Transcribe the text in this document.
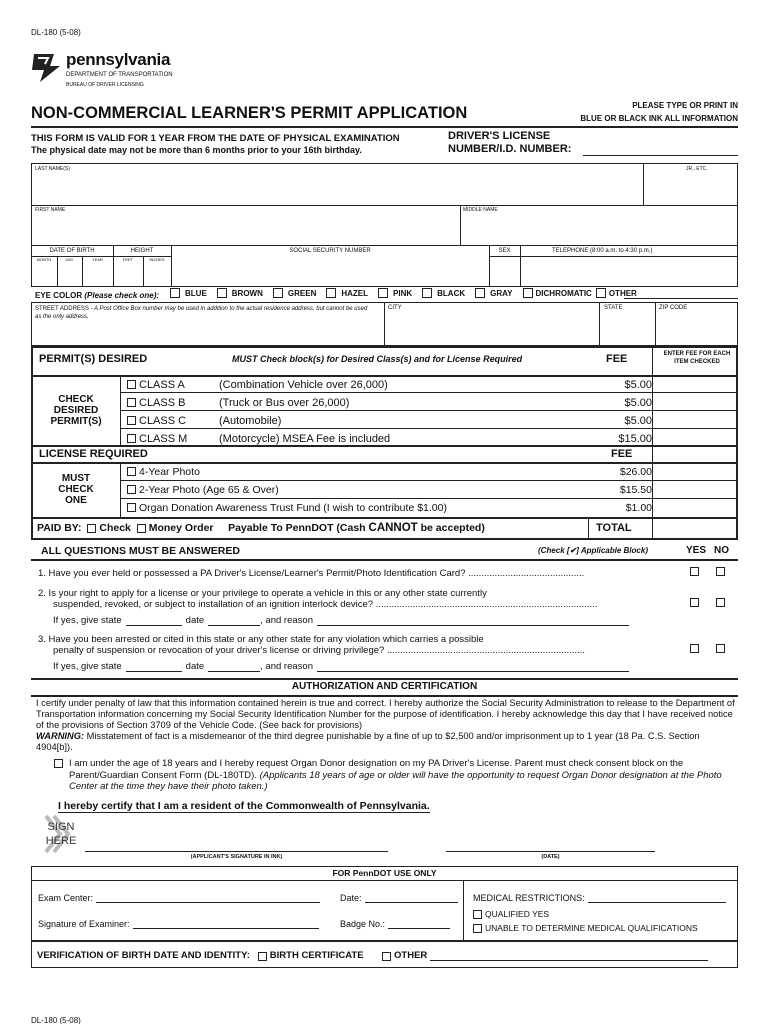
DL-180 (5-08)
pennsylvania
DEPARTMENT OF TRANSPORTATION
BUREAU OF DRIVER LICENSING
NON-COMMERCIAL LEARNER'S PERMIT APPLICATION	PLEASE TYPE OR PRINT IN
BLUE OR BLACK INK ALL INFORMATION
THIS FORM IS VALID FOR 1 YEAR FROM THE DATE OF PHYSICAL EXAMINATION
The physical date may not be more than 6 months prior to your 16th birthday.
DRIVER'S LICENSE
NUMBER/I.D. NUMBER:
LAST NAME(S)	JR., ETC.
FIRST NAME	MIDDLE NAME
DATE OF BIRTH	HEIGHT
MONTH	DAY	YEAR	FEET	INCHES
SOCIAL SECURITY NUMBER	SEX	TELEPHONE (8:00 a.m. to 4:30 p.m.)
EYE COLOR
(Please check one):	BLUE	BROWN	GREEN	HAZEL	PINK	BLACK	GRAY	DICHROMATIC OTHER
STREET ADDRESS - A Post Office Box number may be used in addition to the actual residence address, but cannot be used as the only address.
CITY	STATE	ZIP CODE
PERMIT(S) DESIRED	MUST Check block(s) for Desired Class(s) and for License Required	FEE	ENTER FEE FOR EACH ITEM CHECKED
CHECK DESIRED PERMIT(S)
CLASS A	(Combination Vehicle over 26,000)	$5.00
CLASS B	(Truck or Bus over 26,000)	$5.00
CLASS C	(Automobile)	$5.00
CLASS M	(Motorcycle) MSEA Fee is included	$15.00
LICENSE REQUIRED	FEE
MUST CHECK ONE
4-Year Photo	$26.00
2-Year Photo (Age 65 & Over)	$15.50
Organ Donation Awareness Trust Fund (I wish to contribute $1.00)	$1.00
PAID BY:
Check
Money Order
Payable To PennDOT (Cash
CANNOT
be accepted)	TOTAL
ALL QUESTIONS MUST BE ANSWERED	(Check [✔] Applicable Block)	YES NO
1. Have you ever held or possessed a PA Driver's License/Learner's Permit/Photo Identification Card? ............................................
2. Is your right to apply for a license or your privilege to operate a vehicle in this or any other state currently
suspended, revoked, or subject to installation of an ignition interlock device? ....................................................................................
If yes, give state	date	, and reason
3. Have you been arrested or cited in this state or any other state for any violation which carries a possible
penalty of suspension or revocation of your driver's license or driving privilege? ...........................................................................
If yes, give state	date	, and reason
AUTHORIZATION AND CERTIFICATION
I certify under penalty of law that this information contained herein is true and correct. I hereby authorize the Social Security Administration to release to the Department of Transportation information concerning my Social Security Identification Number for the purpose of identification. I hereby acknowledge this day that I have received notice of the provisions of Section 3709 of the Vehicle Code. (See back for provisions)
WARNING: Misstatement of fact is a misdemeanor of the third degree punishable by a fine of up to $2,500 and/or imprisonment up to 1 year (18 Pa. C.S. Section 4904[b]).
I am under the age of 18 years and I hereby request Organ Donor designation on my PA Driver's License. Parent must check consent block on the Parent/Guardian Consent Form (DL-180TD). (Applicants 18 years of age or older will have the opportunity to request Organ Donor designation at the Photo Center at the time they have their photo taken.)
I hereby certify that I am a resident of the Commonwealth of Pennsylvania.
SIGN
HERE
(APPLICANT'S SIGNATURE IN INK)	(DATE)
FOR PennDOT USE ONLY
Exam Center:	Date:
Signature of Examiner:	Badge No.:
MEDICAL RESTRICTIONS:
QUALIFIED YES
UNABLE TO DETERMINE MEDICAL QUALIFICATIONS
VERIFICATION OF BIRTH DATE AND IDENTITY:
BIRTH CERTIFICATE
	OTHER
DL-180 (5-08)
